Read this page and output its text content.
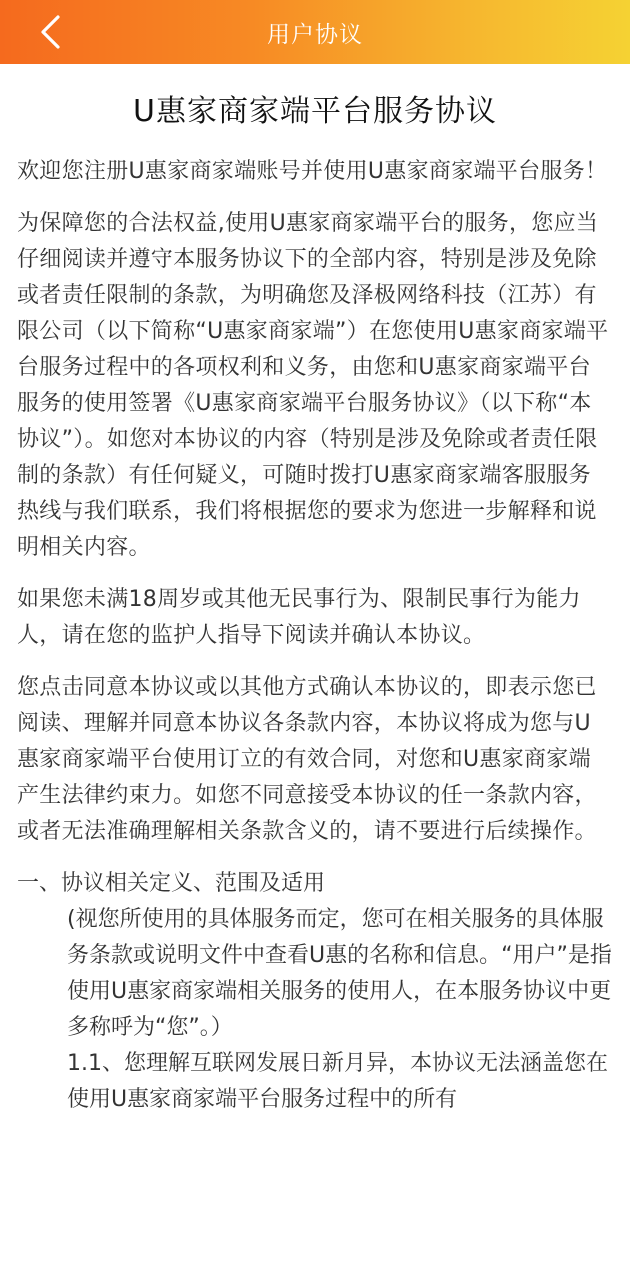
用户协议
U惠家商家端平台服务协议

欢迎您注册U惠家商家端账号并使用U惠家商家端平台服务！

为保障您的合法权益,使用U惠家商家端平台的服务，您应当仔细阅读并遵守本服务协议下的全部内容，特别是涉及免除或者责任限制的条款，为明确您及泽极网络科技（江苏）有限公司（以下简称“U惠家商家端”）在您使用U惠家商家端平台服务过程中的各项权利和义务，由您和U惠家商家端平台服务的使用签署《U惠家商家端平台服务协议》（以下称“本协议”）。如您对本协议的内容（特别是涉及免除或者责任限制的条款）有任何疑义，可随时拨打U惠家商家端客服服务热线与我们联系，我们将根据您的要求为您进一步解释和说明相关内容。

如果您未满18周岁或其他无民事行为、限制民事行为能力人，请在您的监护人指导下阅读并确认本协议。

您点击同意本协议或以其他方式确认本协议的，即表示您已阅读、理解并同意本协议各条款内容，本协议将成为您与U惠家商家端平台使用订立的有效合同，对您和U惠家商家端产生法律约束力。如您不同意接受本协议的任一条款内容，或者无法准确理解相关条款含义的，请不要进行后续操作。

一、协议相关定义、范围及适用

(视您所使用的具体服务而定，您可在相关服务的具体服务条款或说明文件中查看U惠的名称和信息。“用户”是指使用U惠家商家端相关服务的使用人，在本服务协议中更多称呼为“您”。）

1.1、您理解互联网发展日新月异，本协议无法涵盖您在使用U惠家商家端平台服务过程中的所有
